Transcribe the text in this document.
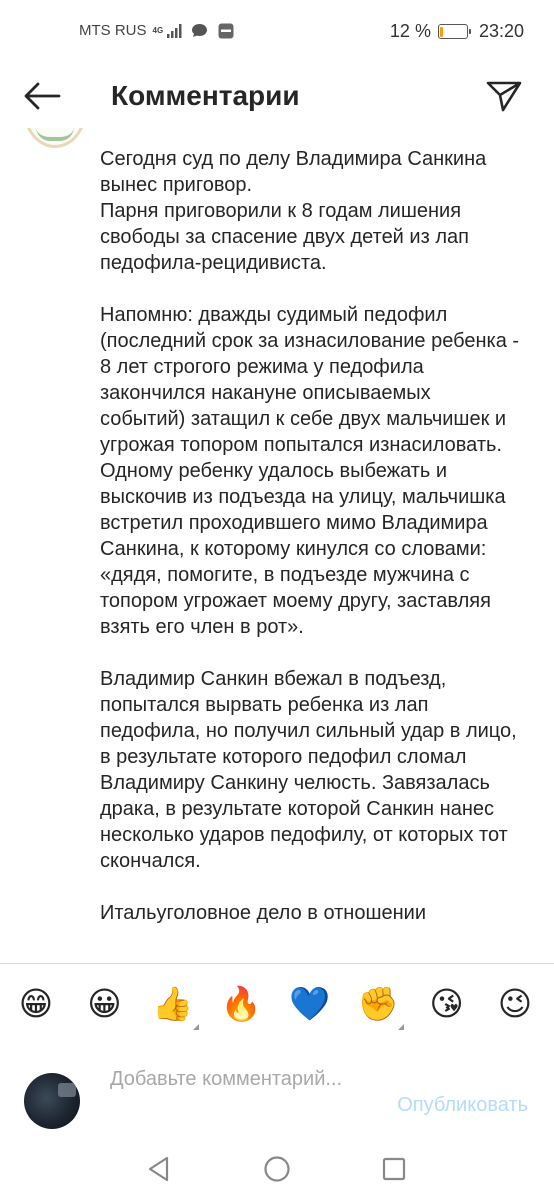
MTS RUS 4G	12 %	23:20
Комментарии

Сегодня суд по делу Владимира Санкина вынес приговор.
Парня приговорили к 8 годам лишения свободы за спасение двух детей из лап педофила-рецидивиста.

Напомню: дважды судимый педофил (последний срок за изнасилование ребенка - 8 лет строгого режима у педофила закончился накануне описываемых событий) затащил к себе двух мальчишек и угрожая топором попытался изнасиловать. Одному ребенку удалось выбежать и выскочив из подъезда на улицу, мальчишка встретил проходившего мимо Владимира Санкина, к которому кинулся со словами: «дядя, помогите, в подъезде мужчина с топором угрожает моему другу, заставляя взять его член в рот».

Владимир Санкин вбежал в подъезд, попытался вырвать ребенка из лап педофила, но получил сильный удар в лицо, в результате которого педофил сломал Владимиру Санкину челюсть. Завязалась драка, в результате которой Санкин нанес несколько ударов педофилу, от которых тот скончался.

Итальуголовное дело в отношении

😁 😀 👍 🔥 💙 ✊ 😘 😉
Добавьте комментарий...
Опубликовать
